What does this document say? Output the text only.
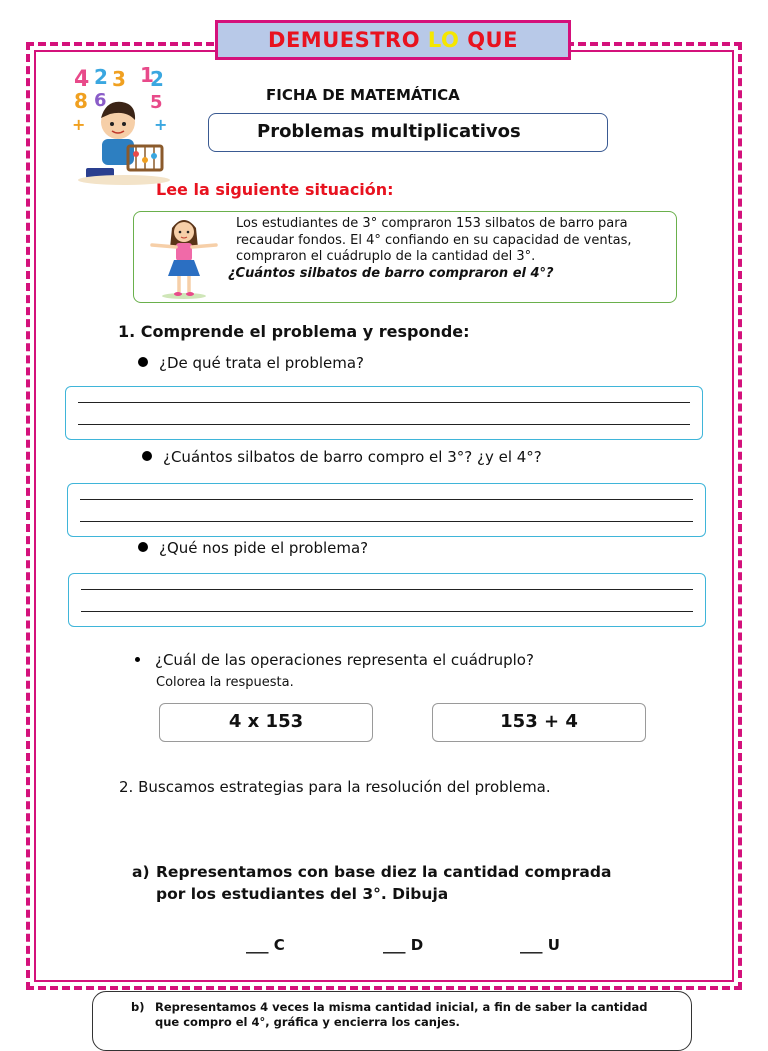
DEMUESTRO LO QUE
4 2 3 1
2
8 6 5
+	+
FICHA DE MATEMÁTICA
Problemas multiplicativos
Lee la siguiente situación:
Los estudiantes de 3° compraron 153 silbatos de barro para recaudar fondos. El 4° confiando en su capacidad de ventas, compraron el cuádruplo de la cantidad del 3°.
¿Cuántos silbatos de barro compraron el 4°?
1. Comprende el problema y responde:
¿De qué trata el problema?
¿Cuántos silbatos de barro compro el 3°? ¿y el 4°?
¿Qué nos pide el problema?
¿Cuál de las operaciones representa el cuádruplo?
Colorea la respuesta.
4 x 153	153 + 4
2. Buscamos estrategias para la resolución del problema.
a) Representamos con base diez la cantidad comprada por los estudiantes del 3°. Dibuja
___ C	___ D	___ U
b) Representamos 4 veces la misma cantidad inicial, a fin de saber la cantidad que compro el 4°, gráfica y encierra los canjes.
